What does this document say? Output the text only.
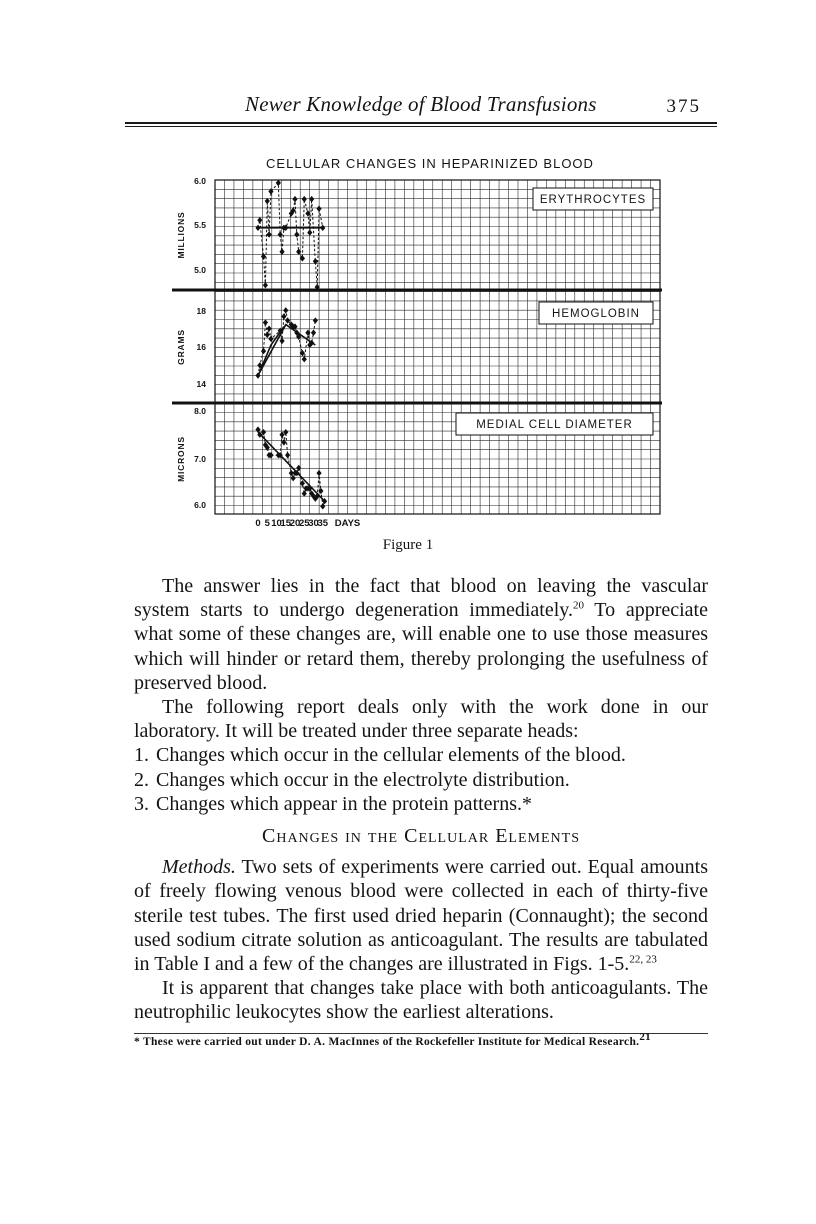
Newer Knowledge of Blood Transfusions	375
CELLULAR CHANGES IN HEPARINIZED BLOOD
0 5 10
15
20
25
30
35 DAYS
6.0
5.5
5.0
MILLIONS
18
16
14
GRAMS
8.0
7.0
6.0
MICRONS
ERYTHROCYTES
HEMOGLOBIN
MEDIAL CELL DIAMETER
Figure 1

The answer lies in the fact that blood on leaving the vascular system starts to undergo degeneration immediately.$^{20}$ To appreciate what some of these changes are, will enable one to use those measures which will hinder or retard them, thereby prolonging the usefulness of preserved blood.

The following report deals only with the work done in our laboratory. It will be treated under three separate heads:

1. Changes which occur in the cellular elements of the blood.

2. Changes which occur in the electrolyte distribution.

3. Changes which appear in the protein patterns.*

Changes in the Cellular Elements

Methods. Two sets of experiments were carried out. Equal amounts of freely flowing venous blood were collected in each of thirty-five sterile test tubes. The first used dried heparin (Connaught); the second used sodium citrate solution as anticoagulant. The results are tabulated in Table I and a few of the changes are illustrated in Figs. 1-5.$^{22, 23}$

It is apparent that changes take place with both anticoagulants. The neutrophilic leukocytes show the earliest alterations.

* These were carried out under D. A. MacInnes of the Rockefeller Institute for Medical Research.$^{21}$
